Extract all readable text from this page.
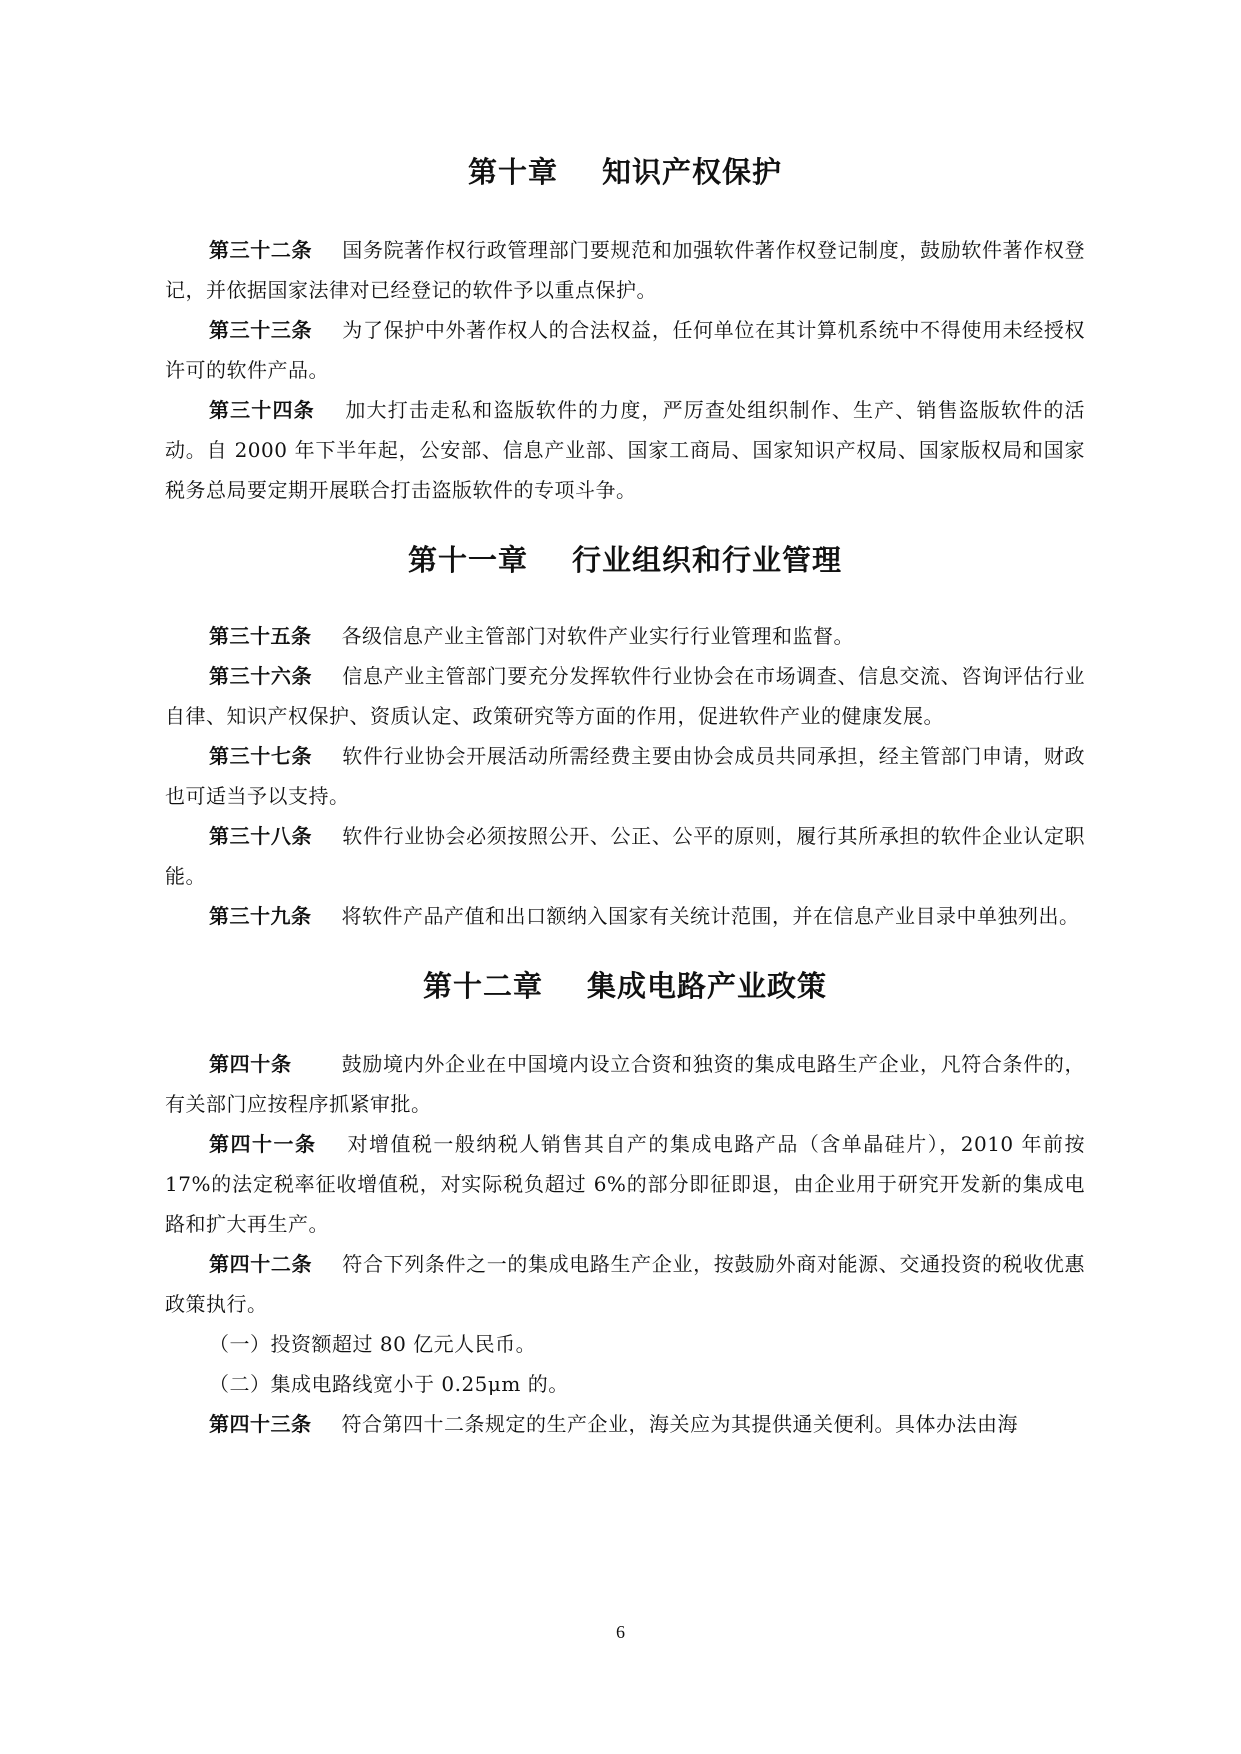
第十章 知识产权保护

第三十二条 国务院著作权行政管理部门要规范和加强软件著作权登记制度，鼓励软件著作权登记，并依据国家法律对已经登记的软件予以重点保护。

第三十三条 为了保护中外著作权人的合法权益，任何单位在其计算机系统中不得使用未经授权许可的软件产品。

第三十四条 加大打击走私和盗版软件的力度，严厉查处组织制作、生产、销售盗版软件的活动。自 2000 年下半年起，公安部、信息产业部、国家工商局、国家知识产权局、国家版权局和国家税务总局要定期开展联合打击盗版软件的专项斗争。

第十一章 行业组织和行业管理

第三十五条 各级信息产业主管部门对软件产业实行行业管理和监督。

第三十六条 信息产业主管部门要充分发挥软件行业协会在市场调查、信息交流、咨询评估行业自律、知识产权保护、资质认定、政策研究等方面的作用，促进软件产业的健康发展。

第三十七条 软件行业协会开展活动所需经费主要由协会成员共同承担，经主管部门申请，财政也可适当予以支持。

第三十八条 软件行业协会必须按照公开、公正、公平的原则，履行其所承担的软件企业认定职能。

第三十九条 将软件产品产值和出口额纳入国家有关统计范围，并在信息产业目录中单独列出。

第十二章 集成电路产业政策

第四十条	鼓励境内外企业在中国境内设立合资和独资的集成电路生产企业，凡符合条件的，有关部门应按程序抓紧审批。

第四十一条 对增值税一般纳税人销售其自产的集成电路产品（含单晶硅片），2010 年前按 17%的法定税率征收增值税，对实际税负超过 6%的部分即征即退，由企业用于研究开发新的集成电路和扩大再生产。

第四十二条 符合下列条件之一的集成电路生产企业，按鼓励外商对能源、交通投资的税收优惠政策执行。

（一）投资额超过 80 亿元人民币。

（二）集成电路线宽小于 0.25μm 的。

第四十三条 符合第四十二条规定的生产企业，海关应为其提供通关便利。具体办法由海

6
